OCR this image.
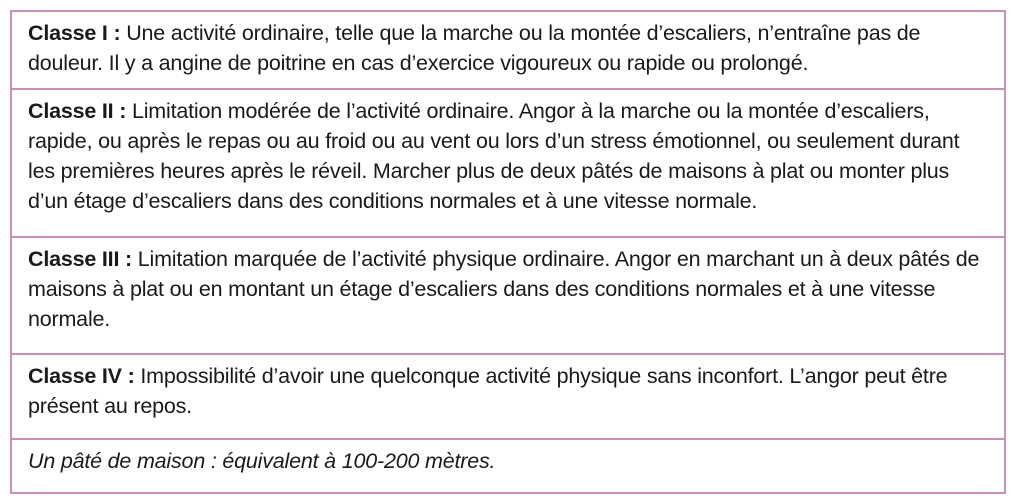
Classe I : Une activité ordinaire, telle que la marche ou la montée d’escaliers, n’entraîne pas de douleur. Il y a angine de poitrine en cas d’exercice vigoureux ou rapide ou prolongé.
Classe II : Limitation modérée de l’activité ordinaire. Angor à la marche ou la montée d’escaliers, rapide, ou après le repas ou au froid ou au vent ou lors d’un stress émotionnel, ou seulement durant les premières heures après le réveil. Marcher plus de deux pâtés de maisons à plat ou monter plus d’un étage d’escaliers dans des conditions normales et à une vitesse normale.
Classe III : Limitation marquée de l’activité physique ordinaire. Angor en marchant un à deux pâtés de maisons à plat ou en montant un étage d’escaliers dans des conditions normales et à une vitesse normale.
Classe IV : Impossibilité d’avoir une quelconque activité physique sans inconfort. L’angor peut être présent au repos.
Un pâté de maison : équivalent à 100-200 mètres.
